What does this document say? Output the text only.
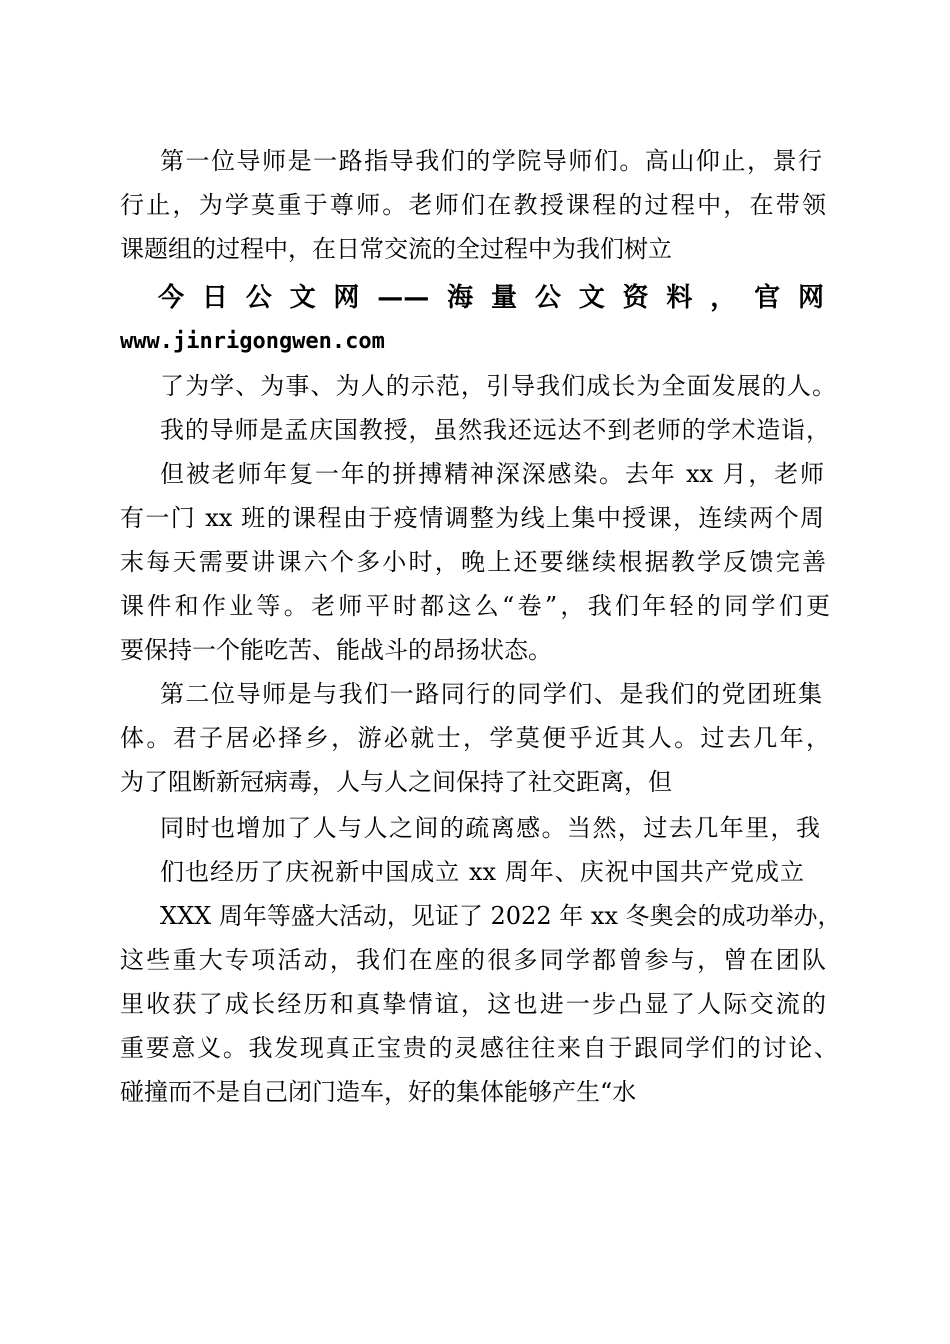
第一位导师是一路指导我们的学院导师们。高山仰止，景行
行止，为学莫重于尊师。老师们在教授课程的过程中，在带领
课题组的过程中，在日常交流的全过程中为我们树立
今日公文网——海量公文资料，官网
www.jinrigongwen.com
了为学、为事、为人的示范，引导我们成长为全面发展的人。
我的导师是孟庆国教授，虽然我还远达不到老师的学术造诣，
但被老师年复一年的拼搏精神深深感染。去年 xx 月，老师
有一门 xx 班的课程由于疫情调整为线上集中授课，连续两个周
末每天需要讲课六个多小时，晚上还要继续根据教学反馈完善
课件和作业等。老师平时都这么“卷”，我们年轻的同学们更
要保持一个能吃苦、能战斗的昂扬状态。
第二位导师是与我们一路同行的同学们、是我们的党团班集
体。君子居必择乡，游必就士，学莫便乎近其人。过去几年，
为了阻断新冠病毒，人与人之间保持了社交距离，但
同时也增加了人与人之间的疏离感。当然，过去几年里，我
们也经历了庆祝新中国成立 xx 周年、庆祝中国共产党成立
XXX 周年等盛大活动，见证了 2022 年 xx 冬奥会的成功举办，
这些重大专项活动，我们在座的很多同学都曾参与，曾在团队
里收获了成长经历和真挚情谊，这也进一步凸显了人际交流的
重要意义。我发现真正宝贵的灵感往往来自于跟同学们的讨论、
碰撞而不是自己闭门造车，好的集体能够产生“水
